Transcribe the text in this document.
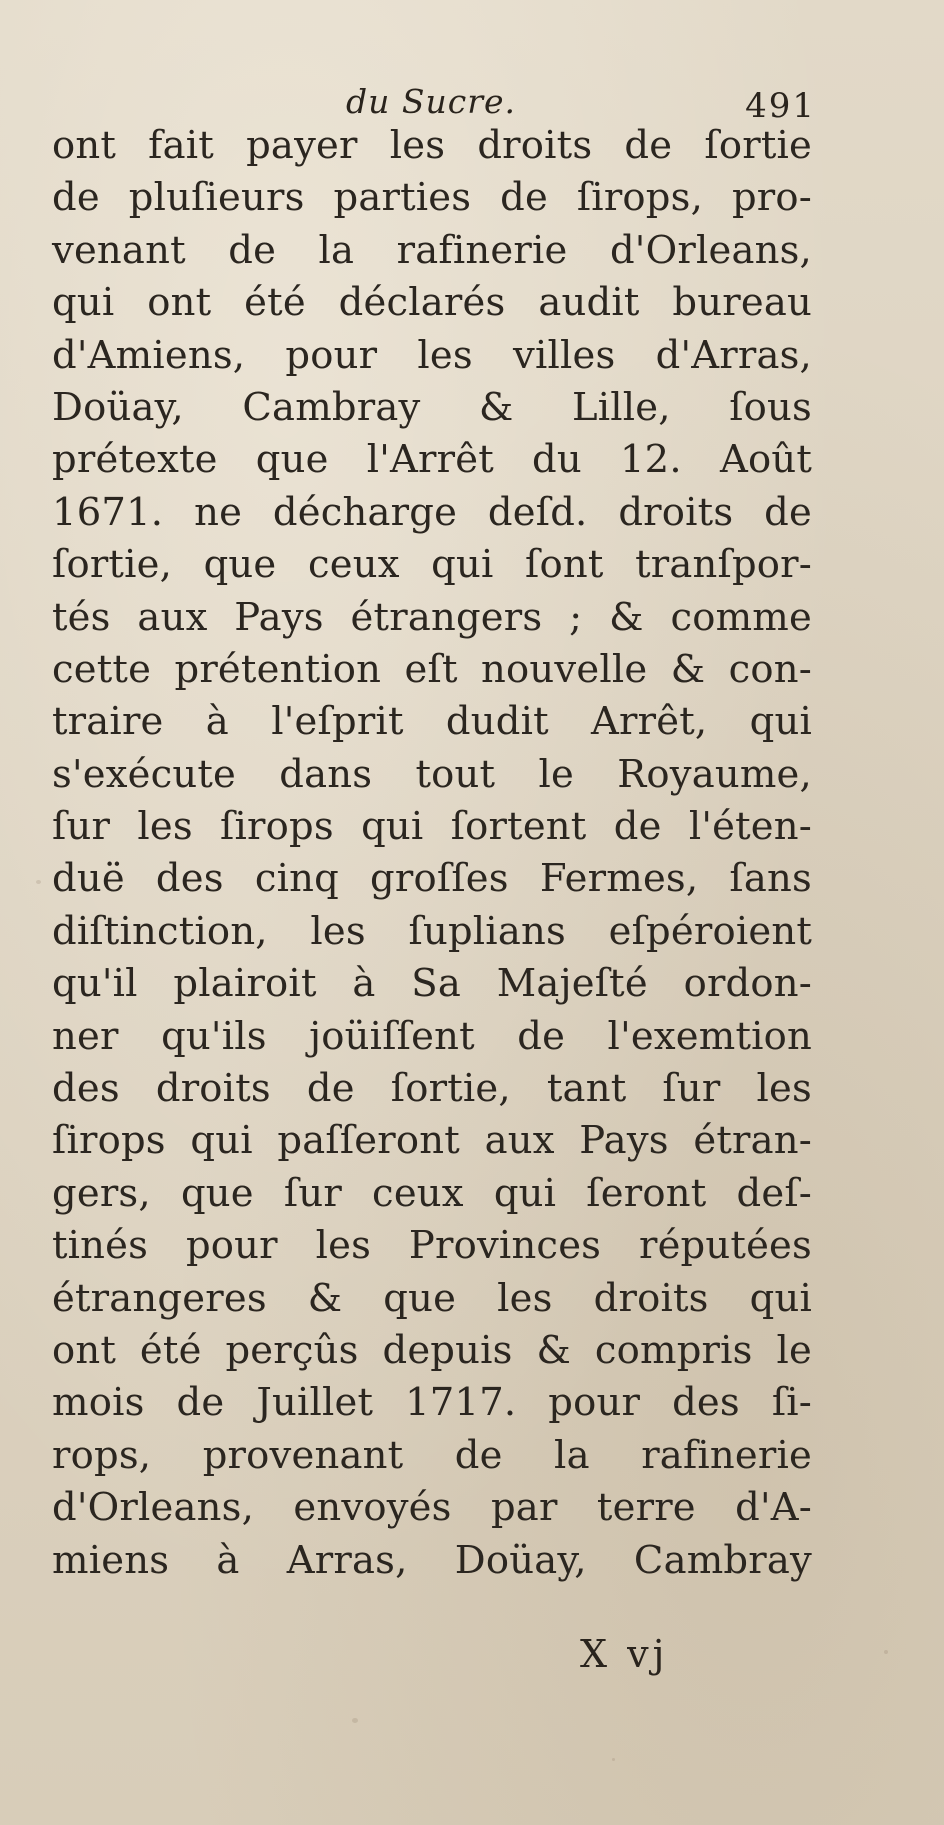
du Sucre.	491
ont fait payer les droits de ſortie
de pluſieurs parties de ſirops, pro-
venant de la rafinerie d'Orleans,
qui ont été déclarés audit bureau
d'Amiens, pour les villes d'Arras,
Doüay, Cambray & Lille, ſous
prétexte que l'Arrêt du 12. Août
1671. ne décharge deſd. droits de
ſortie, que ceux qui ſont tranſpor-
tés aux Pays étrangers ; & comme
cette prétention eſt nouvelle & con-
traire à l'eſprit dudit Arrêt, qui
s'exécute dans tout le Royaume,
ſur les ſirops qui ſortent de l'éten-
duë des cinq groſſes Fermes, ſans
diſtinction, les ſuplians eſpéroient
qu'il plairoit à Sa Majeſté ordon-
ner qu'ils joüiſſent de l'exemtion
des droits de ſortie, tant ſur les
ſirops qui paſſeront aux Pays étran-
gers, que ſur ceux qui ſeront deſ-
tinés pour les Provinces réputées
étrangeres & que les droits qui
ont été perçûs depuis & compris le
mois de Juillet 1717. pour des ſi-
rops, provenant de la rafinerie
d'Orleans, envoyés par terre d'A-
miens à Arras, Doüay, Cambray
X vj
